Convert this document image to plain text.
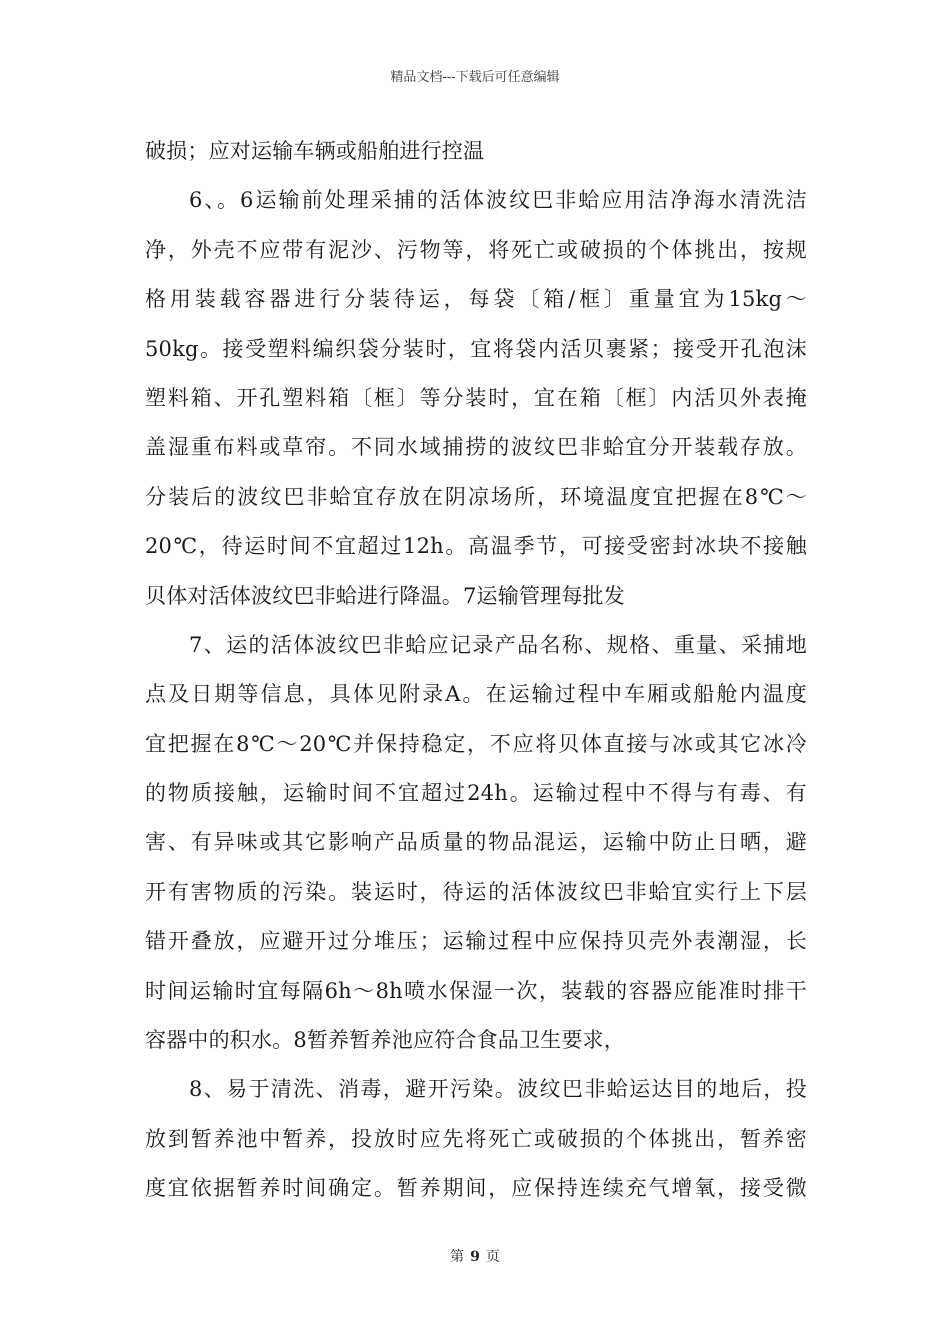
精品文档---下载后可任意编辑
破损；应对运输车辆或船舶进行控温
6、。6运输前处理采捕的活体波纹巴非蛤应用洁净海水清洗洁
净，外壳不应带有泥沙、污物等，将死亡或破损的个体挑出，按规
格用装载容器进行分装待运，每袋〔箱/框〕重量宜为15kg～
50kg。接受塑料编织袋分装时，宜将袋内活贝裹紧；接受开孔泡沫
塑料箱、开孔塑料箱〔框〕等分装时，宜在箱〔框〕内活贝外表掩
盖湿重布料或草帘。不同水域捕捞的波纹巴非蛤宜分开装载存放。
分装后的波纹巴非蛤宜存放在阴凉场所，环境温度宜把握在8℃～
20℃，待运时间不宜超过12h。高温季节，可接受密封冰块不接触
贝体对活体波纹巴非蛤进行降温。7运输管理每批发
7、运的活体波纹巴非蛤应记录产品名称、规格、重量、采捕地
点及日期等信息，具体见附录A。在运输过程中车厢或船舱内温度
宜把握在8℃～20℃并保持稳定，不应将贝体直接与冰或其它冰冷
的物质接触，运输时间不宜超过24h。运输过程中不得与有毒、有
害、有异味或其它影响产品质量的物品混运，运输中防止日晒，避
开有害物质的污染。装运时，待运的活体波纹巴非蛤宜实行上下层
错开叠放，应避开过分堆压；运输过程中应保持贝壳外表潮湿，长
时间运输时宜每隔6h～8h喷水保湿一次，装载的容器应能准时排干
容器中的积水。8暂养暂养池应符合食品卫生要求，
8、易于清洗、消毒，避开污染。波纹巴非蛤运达目的地后，投
放到暂养池中暂养，投放时应先将死亡或破损的个体挑出，暂养密
度宜依据暂养时间确定。暂养期间，应保持连续充气增氧，接受微
第 9 页
